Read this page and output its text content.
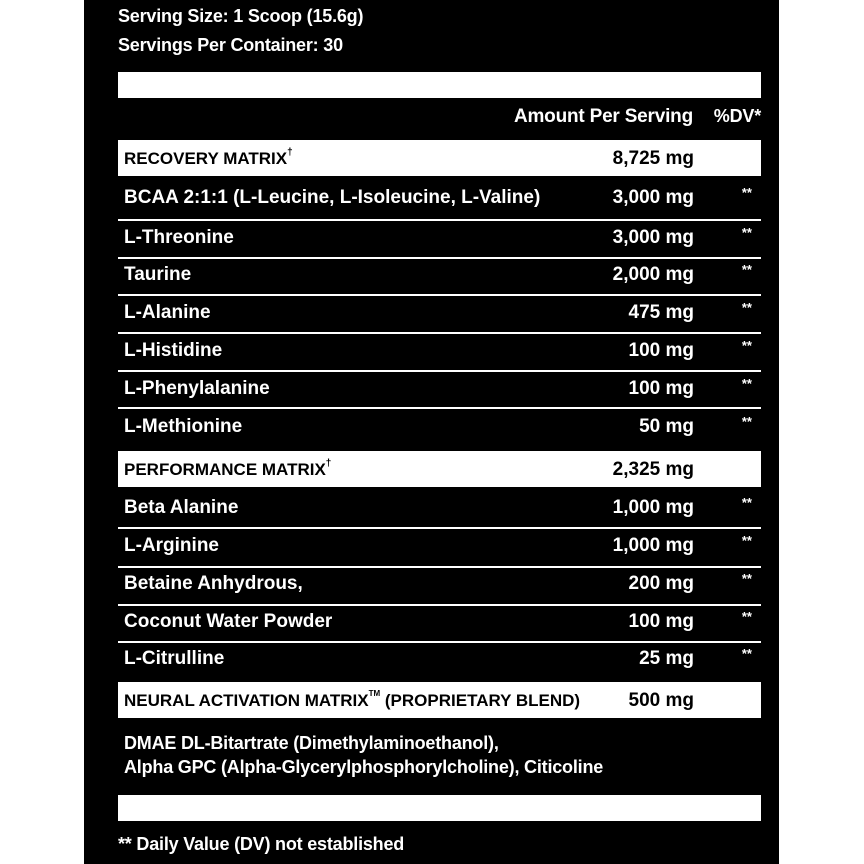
Serving Size: 1 Scoop (15.6g)
Servings Per Container: 30
Amount Per Serving %DV*
RECOVERY MATRIX†	8,725 mg
BCAA 2:1:1 (L-Leucine, L-Isoleucine, L-Valine)	3,000 mg	**
L-Threonine	3,000 mg	**
Taurine	2,000 mg	**
L-Alanine	475 mg	**
L-Histidine	100 mg	**
L-Phenylalanine	100 mg	**
L-Methionine	50 mg	**
PERFORMANCE MATRIX†	2,325 mg
Beta Alanine	1,000 mg	**
L-Arginine	1,000 mg	**
Betaine Anhydrous,	200 mg	**
Coconut Water Powder	100 mg	**
L-Citrulline	25 mg	**
NEURAL ACTIVATION MATRIX™ (PROPRIETARY BLEND)	500 mg
DMAE DL-Bitartrate (Dimethylaminoethanol),
Alpha GPC (Alpha-Glycerylphosphorylcholine), Citicoline
** Daily Value (DV) not established
